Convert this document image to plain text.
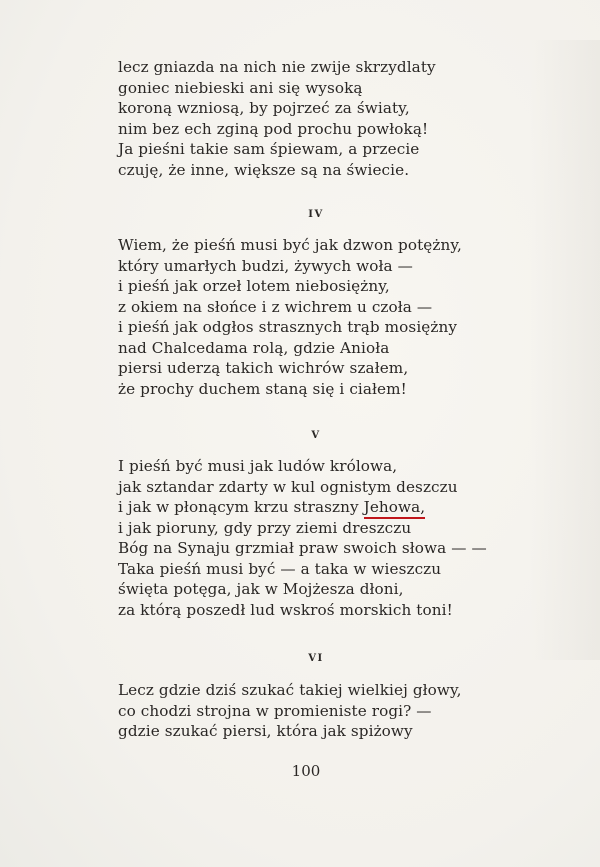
lecz gniazda na nich nie zwije skrzydlaty
goniec niebieski ani się wysoką
koroną wzniosą, by pojrzeć za światy,
nim bez ech zginą pod prochu powłoką!
Ja pieśni takie sam śpiewam, a przecie
czuję, że inne, większe są na świecie.

IV

Wiem, że pieśń musi być jak dzwon potężny,
który umarłych budzi, żywych woła —
i pieśń jak orzeł lotem niebosiężny,
z okiem na słońce i z wichrem u czoła —
i pieśń jak odgłos strasznych trąb mosiężny
nad Chalcedama rolą, gdzie Anioła
piersi uderzą takich wichrów szałem,
że prochy duchem staną się i ciałem!

V

I pieśń być musi jak ludów królowa,
jak sztandar zdarty w kul ognistym deszczu
i jak w płonącym krzu straszny Jehowa,
i jak pioruny, gdy przy ziemi dreszczu
Bóg na Synaju grzmiał praw swoich słowa — —
Taka pieśń musi być — a taka w wieszczu
święta potęga, jak w Mojżesza dłoni,
za którą poszedł lud wskroś morskich toni!

VI

Lecz gdzie dziś szukać takiej wielkiej głowy,
co chodzi strojna w promieniste rogi? —
gdzie szukać piersi, która jak spiżowy

100
